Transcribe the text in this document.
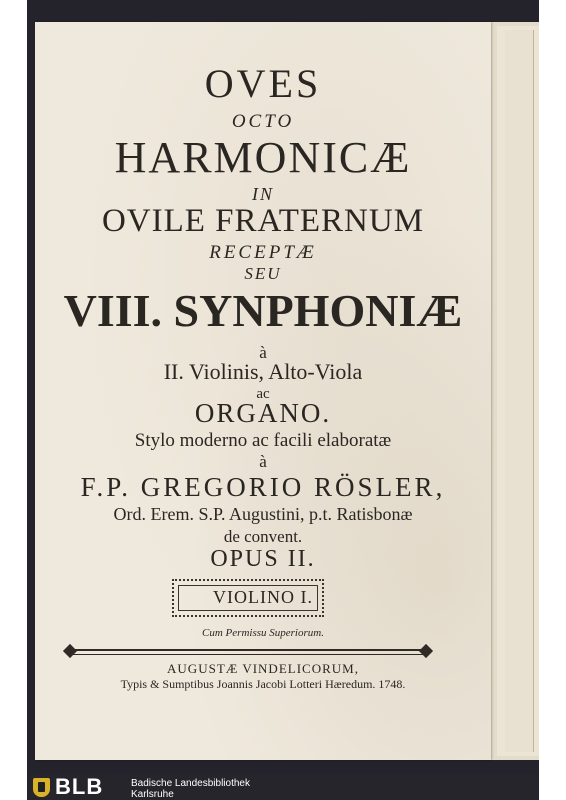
OVES
OCTO
HARMONICÆ
IN
OVILE FRATERNUM
RECEPTÆ
SEU
VIII. SYNPHONIÆ
à
II. Violinis, Alto-Viola
ac
ORGANO.
Stylo moderno ac facili elaboratæ
à
F.P. GREGORIO RÖSLER,
Ord. Erem. S.P. Augustini, p.t. Ratisbonæ
de convent.
OPUS II.
VIOLINO I.
Cum Permissu Superiorum.
AUGUSTÆ VINDELICORUM,
Typis & Sumptibus Joannis Jacobi Lotteri Hæredum. 1748.
BLB	Badische Landesbibliothek
Karlsruhe
